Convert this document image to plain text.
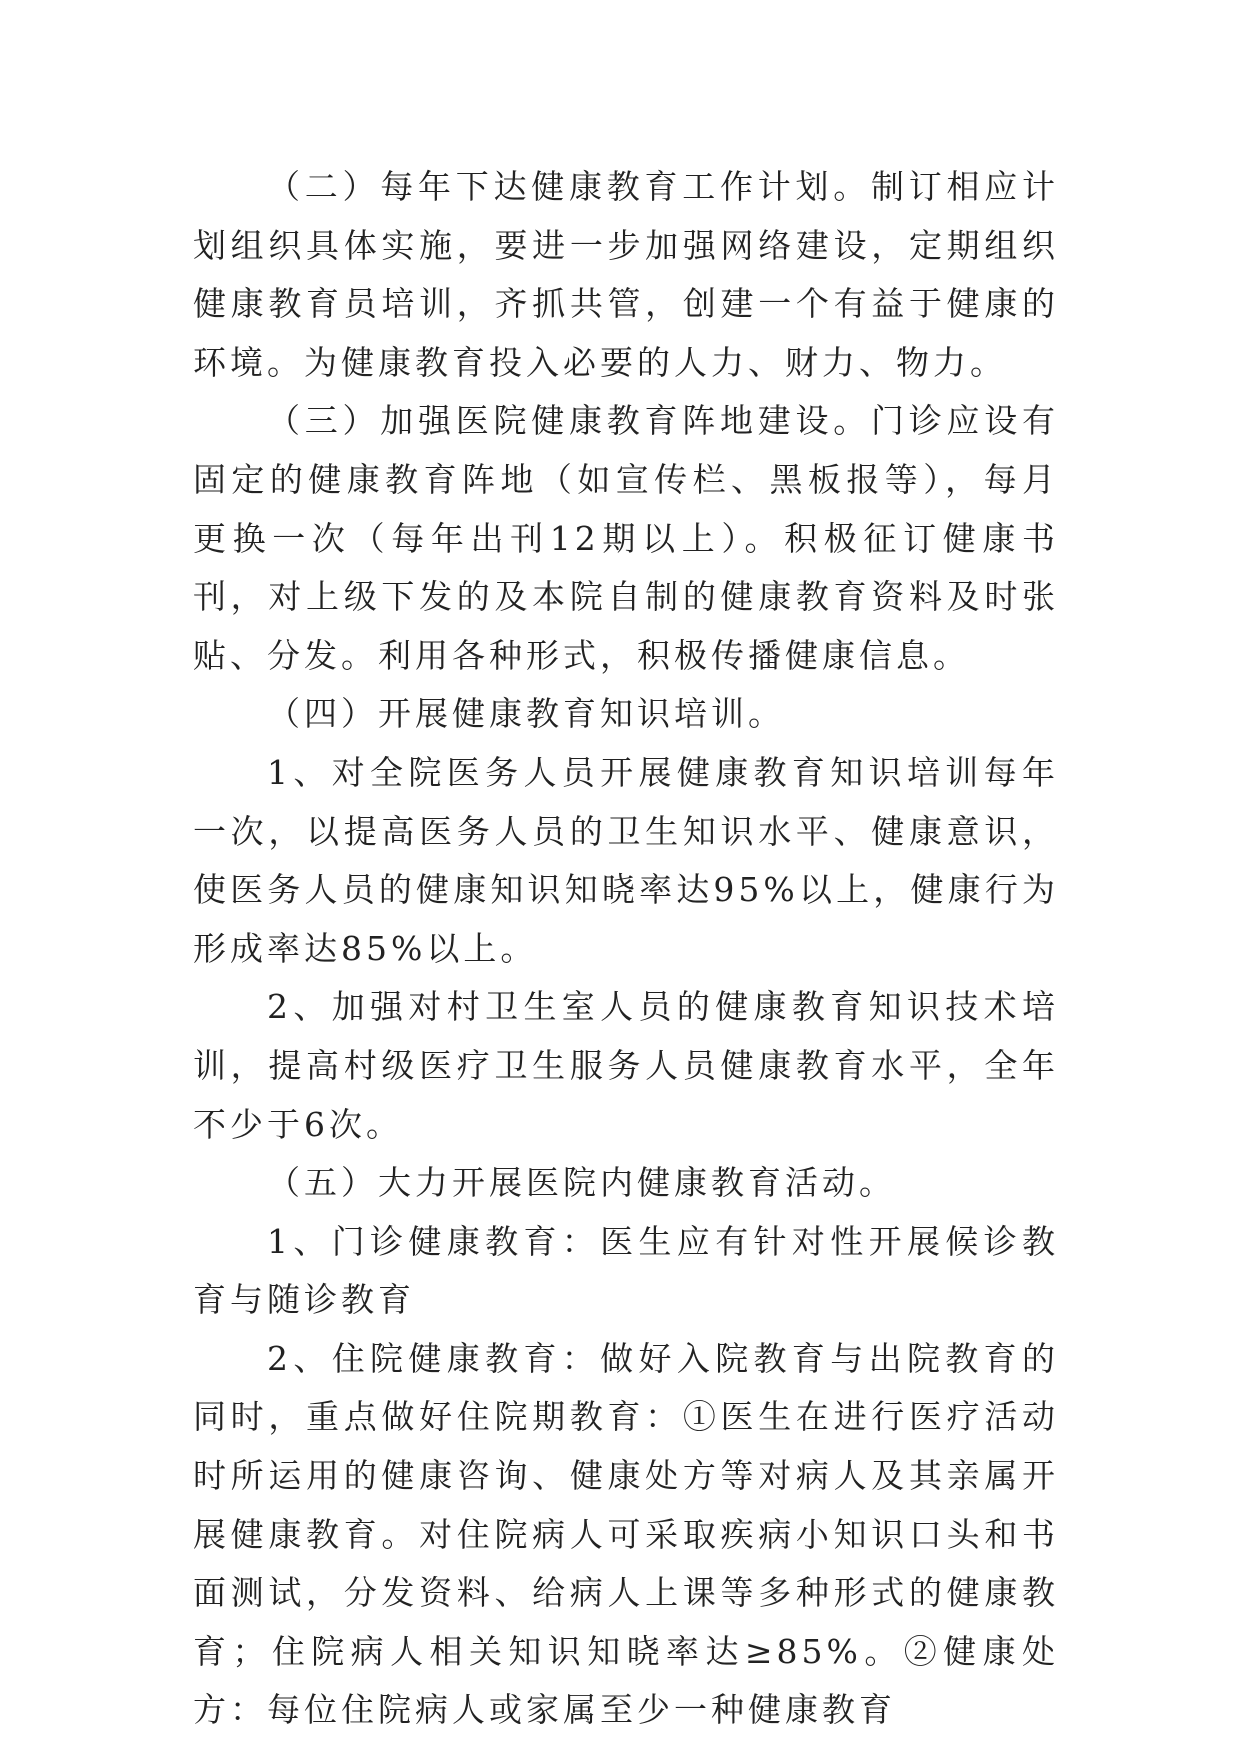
（二）每年下达健康教育工作计划。制订相应计划组织具体实施，要进一步加强网络建设，定期组织健康教育员培训，齐抓共管，创建一个有益于健康的环境。为健康教育投入必要的人力、财力、物力。

（三）加强医院健康教育阵地建设。门诊应设有固定的健康教育阵地（如宣传栏、黑板报等），每月更换一次（每年出刊12期以上）。积极征订健康书刊，对上级下发的及本院自制的健康教育资料及时张贴、分发。利用各种形式，积极传播健康信息。

（四）开展健康教育知识培训。

1、对全院医务人员开展健康教育知识培训每年一次，以提高医务人员的卫生知识水平、健康意识，使医务人员的健康知识知晓率达95%以上，健康行为形成率达85%以上。

2、加强对村卫生室人员的健康教育知识技术培训，提高村级医疗卫生服务人员健康教育水平，全年不少于6次。

（五）大力开展医院内健康教育活动。

1、门诊健康教育：医生应有针对性开展候诊教育与随诊教育

2、住院健康教育：做好入院教育与出院教育的同时，重点做好住院期教育：①医生在进行医疗活动时所运用的健康咨询、健康处方等对病人及其亲属开展健康教育。对住院病人可采取疾病小知识口头和书面测试，分发资料、给病人上课等多种形式的健康教育；住院病人相关知识知晓率达≥85%。②健康处方：每位住院病人或家属至少一种健康教育
